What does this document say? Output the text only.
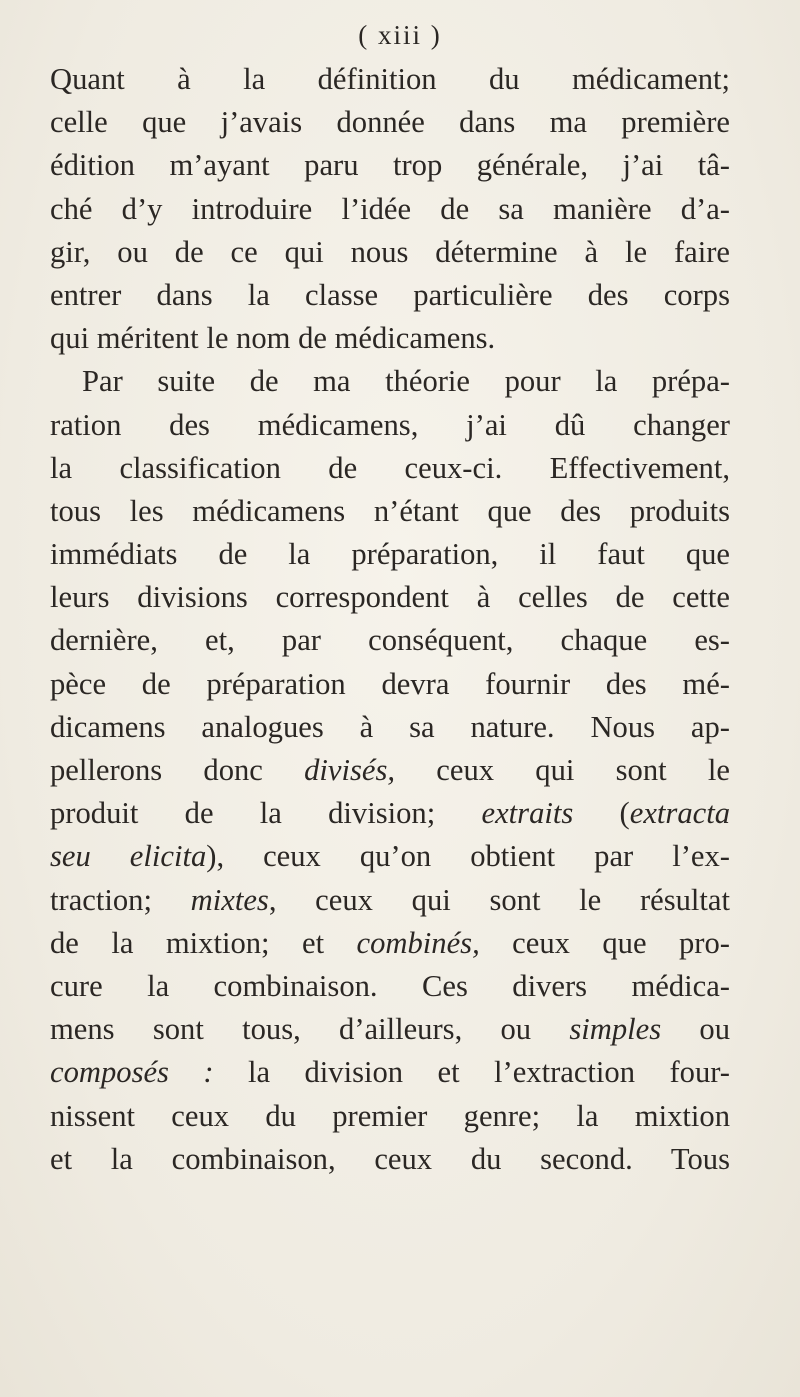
( xiii )
Quant à la définition du médicament;
celle que j’avais donnée dans ma première
édition m’ayant paru trop générale, j’ai tâ-
ché d’y introduire l’idée de sa manière d’a-
gir, ou de ce qui nous détermine à le faire
entrer dans la classe particulière des corps
qui méritent le nom de médicamens.
Par suite de ma théorie pour la prépa-
ration des médicamens, j’ai dû changer
la classification de ceux-ci. Effectivement,
tous les médicamens n’étant que des produits
immédiats de la préparation, il faut que
leurs divisions correspondent à celles de cette
dernière, et, par conséquent, chaque es-
pèce de préparation devra fournir des mé-
dicamens analogues à sa nature. Nous ap-
pellerons donc divisés, ceux qui sont le
produit de la division; extraits (extracta
seu elicita), ceux qu’on obtient par l’ex-
traction; mixtes, ceux qui sont le résultat
de la mixtion; et combinés, ceux que pro-
cure la combinaison. Ces divers médica-
mens sont tous, d’ailleurs, ou simples ou
composés : la division et l’extraction four-
nissent ceux du premier genre; la mixtion
et la combinaison, ceux du second. Tous
